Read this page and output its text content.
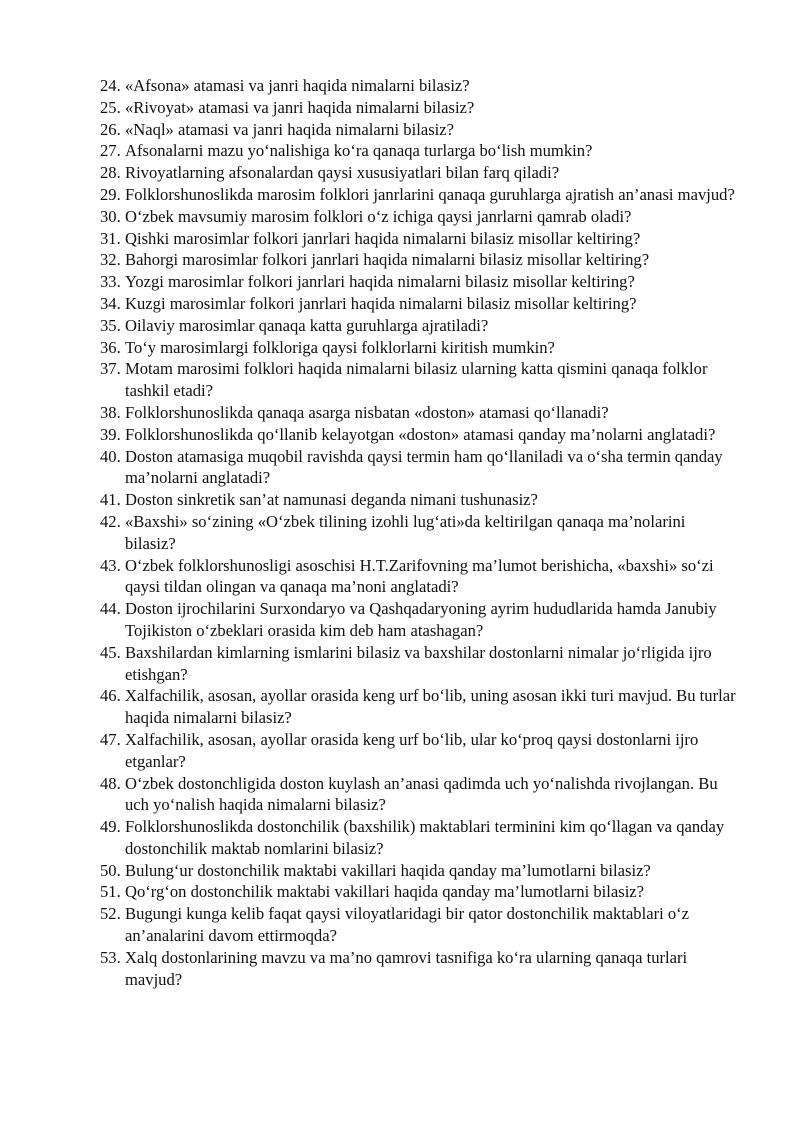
24. «Afsona» atamasi va janri haqida nimalarni bilasiz?
25. «Rivoyat» atamasi va janri haqida nimalarni bilasiz?
26. «Naql» atamasi va janri haqida nimalarni bilasiz?
27. Afsonalarni mazu yo‘nalishiga ko‘ra qanaqa turlarga bo‘lish mumkin?
28. Rivoyatlarning afsonalardan qaysi xususiyatlari bilan farq qiladi?
29. Folklorshunoslikda marosim folklori janrlarini qanaqa guruhlarga ajratish an’anasi mavjud?
30. O‘zbek mavsumiy marosim folklori o‘z ichiga qaysi janrlarni qamrab oladi?
31. Qishki marosimlar folkori janrlari haqida nimalarni bilasiz misollar keltiring?
32. Bahorgi marosimlar folkori janrlari haqida nimalarni bilasiz misollar keltiring?
33. Yozgi marosimlar folkori janrlari haqida nimalarni bilasiz misollar keltiring?
34. Kuzgi marosimlar folkori janrlari haqida nimalarni bilasiz misollar keltiring?
35. Oilaviy marosimlar qanaqa katta guruhlarga ajratiladi?
36. To‘y marosimlargi folkloriga qaysi folklorlarni kiritish mumkin?
37. Motam marosimi folklori haqida nimalarni bilasiz ularning katta qismini qanaqa folklor tashkil etadi?
38. Folklorshunoslikda qanaqa asarga nisbatan «doston» atamasi qo‘llanadi?
39. Folklorshunoslikda qo‘llanib kelayotgan «doston» atamasi qanday ma’nolarni anglatadi?
40. Doston atamasiga muqobil ravishda qaysi termin ham qo‘llaniladi va o‘sha termin qanday ma’nolarni anglatadi?
41. Doston sinkretik san’at namunasi deganda nimani tushunasiz?
42. «Baxshi» so‘zining «O‘zbek tilining izohli lug‘ati»da keltirilgan qanaqa ma’nolarini bilasiz?
43. O‘zbek folklorshunosligi asoschisi H.T.Zarifovning ma’lumot berishicha, «baxshi» so‘zi qaysi tildan olingan va qanaqa ma’noni anglatadi?
44. Doston ijrochilarini Surxondaryo va Qashqadaryoning ayrim hududlarida hamda Janubiy Tojikiston o‘zbeklari orasida kim deb ham atashagan?
45. Baxshilardan kimlarning ismlarini bilasiz va baxshilar dostonlarni nimalar jo‘rligida ijro etishgan?
46. Xalfachilik, asosan, ayollar orasida keng urf bo‘lib, uning asosan ikki turi mavjud. Bu turlar haqida nimalarni bilasiz?
47. Xalfachilik, asosan, ayollar orasida keng urf bo‘lib, ular ko‘proq qaysi dostonlarni ijro etganlar?
48. O‘zbek dostonchligida doston kuylash an’anasi qadimda uch yo‘nalishda rivojlangan. Bu uch yo‘nalish haqida nimalarni bilasiz?
49. Folklorshunoslikda dostonchilik (baxshilik) maktablari terminini kim qo‘llagan va qanday dostonchilik maktab nomlarini bilasiz?
50. Bulung‘ur dostonchilik maktabi vakillari haqida qanday ma’lumotlarni bilasiz?
51. Qo‘rg‘on dostonchilik maktabi vakillari haqida qanday ma’lumotlarni bilasiz?
52. Bugungi kunga kelib faqat qaysi viloyatlaridagi bir qator dostonchilik maktablari o‘z an’analarini davom ettirmoqda?
53. Xalq dostonlarining mavzu va ma’no qamrovi tasnifiga ko‘ra ularning qanaqa turlari mavjud?
